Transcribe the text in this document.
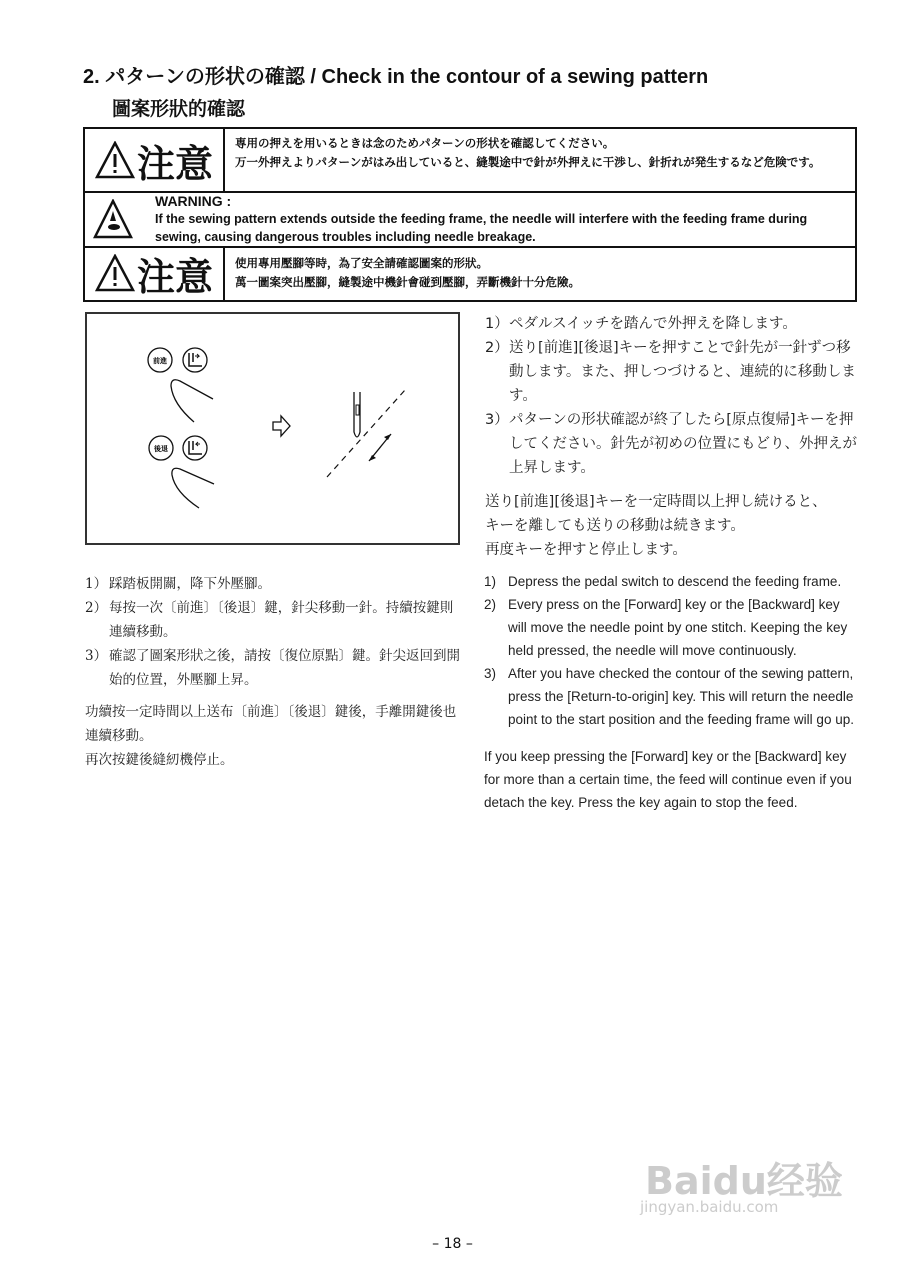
2. パターンの形状の確認 / Check in the contour of a sewing pattern
圖案形狀的確認
注意 専用の押えを用いるときは念のためパターンの形状を確認してください。
万一外押えよりパターンがはみ出していると、縫製途中で針が外押えに干渉し、針折れが発生するなど危険です。
WARNING :
If the sewing pattern extends outside the feeding frame, the needle will interfere with the feeding frame during sewing, causing dangerous troubles including needle breakage.
注意 使用專用壓腳等時，為了安全請確認圖案的形狀。
萬一圖案突出壓腳，縫製途中機針會碰到壓腳，弄斷機針十分危險。
前進
後退
1） ペダルスイッチを踏んで外押えを降します。
2） 送り[前進][後退]キーを押すことで針先が一針ずつ移動します。また、押しつづけると、連続的に移動します。
3） パターンの形状確認が終了したら[原点復帰]キーを押してください。針先が初めの位置にもどり、外押えが上昇します。
送り[前進][後退]キーを一定時間以上押し続けると、
キーを離しても送りの移動は続きます。
再度キーを押すと停止します。
1） 踩踏板開關，降下外壓腳。
2） 每按一次〔前進〕〔後退〕鍵，針尖移動一針。持續按鍵則連續移動。
3） 確認了圖案形狀之後，請按〔復位原點〕鍵。針尖返回到開始的位置，外壓腳上昇。
功續按一定時間以上送布〔前進〕〔後退〕鍵後，手離開鍵後也連續移動。
再次按鍵後縫紉機停止。
1) Depress the pedal switch to descend the feeding frame.
2) Every press on the [Forward] key or the [Backward] key will move the needle point by one stitch. Keeping the key held pressed, the needle will move continuously.
3) After you have checked the contour of the sewing pattern, press the [Return-to-origin] key. This will return the needle point to the start position and the feeding frame will go up.
If you keep pressing the [Forward] key or the [Backward] key for more than a certain time, the feed will continue even if you detach the key. Press the key again to stop the feed.
Baidu经验
jingyan.baidu.com
– 18 –
